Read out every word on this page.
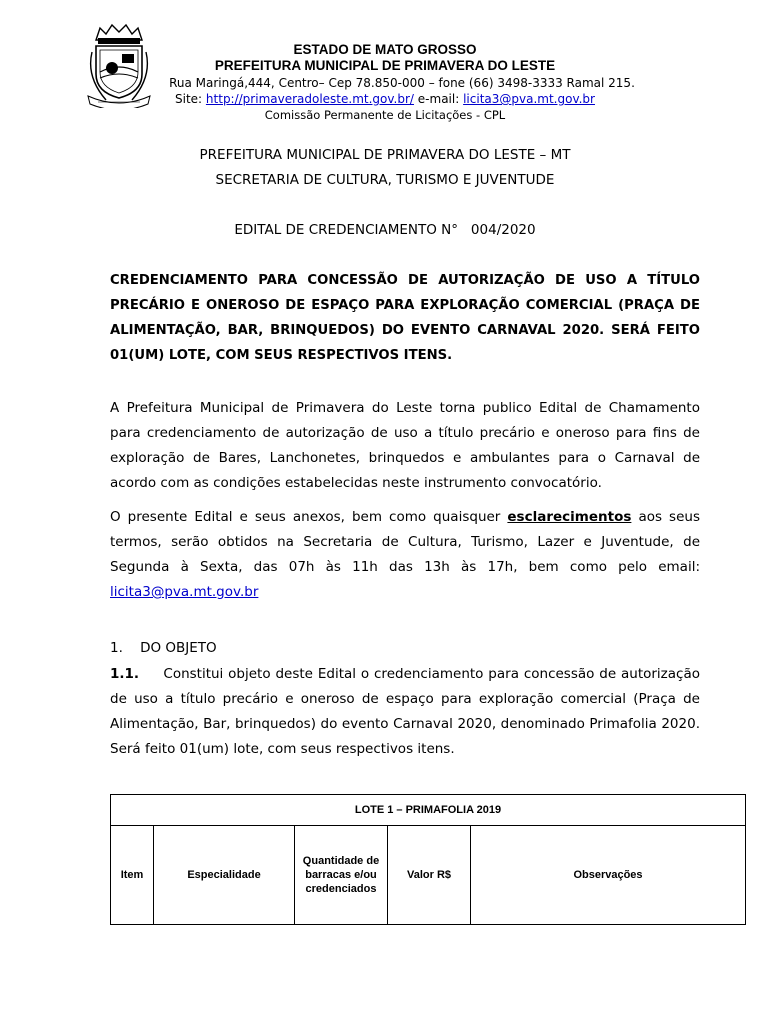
ESTADO DE MATO GROSSO
PREFEITURA MUNICIPAL DE PRIMAVERA DO LESTE
Rua Maringá,444, Centro– Cep 78.850-000 – fone (66) 3498-3333 Ramal 215.
Site: http://primaveradoleste.mt.gov.br/ e-mail: licita3@pva.mt.gov.br
Comissão Permanente de Licitações - CPL
PREFEITURA MUNICIPAL DE PRIMAVERA DO LESTE – MT
SECRETARIA DE CULTURA, TURISMO E JUVENTUDE
EDITAL DE CREDENCIAMENTO N° 004/2020
CREDENCIAMENTO PARA CONCESSÃO DE AUTORIZAÇÃO DE USO A TÍTULO
PRECÁRIO E ONEROSO DE ESPAÇO PARA EXPLORAÇÃO COMERCIAL (PRAÇA DE
ALIMENTAÇÃO, BAR, BRINQUEDOS) DO EVENTO CARNAVAL 2020. SERÁ FEITO
01(UM) LOTE, COM SEUS RESPECTIVOS ITENS.
A Prefeitura Municipal de Primavera do Leste torna publico Edital de Chamamento
para credenciamento de autorização de uso a título precário e oneroso para fins de
exploração de Bares, Lanchonetes, brinquedos e ambulantes para o Carnaval de
acordo com as condições estabelecidas neste instrumento convocatório.
O presente Edital e seus anexos, bem como quaisquer esclarecimentos aos seus
termos, serão obtidos na Secretaria de Cultura, Turismo, Lazer e Juventude, de
Segunda à Sexta, das 07h às 11h das 13h às 17h, bem como pelo email:
licita3@pva.mt.gov.br
1. DO OBJETO
1.1. Constitui objeto deste Edital o credenciamento para concessão de autorização
de uso a título precário e oneroso de espaço para exploração comercial (Praça de
Alimentação, Bar, brinquedos) do evento Carnaval 2020, denominado Primafolia 2020.
Será feito 01(um) lote, com seus respectivos itens.
LOTE 1 – PRIMAFOLIA 2019
Item	Especialidade	Quantidade de barracas e/ou credenciados	Valor R$	Observações
